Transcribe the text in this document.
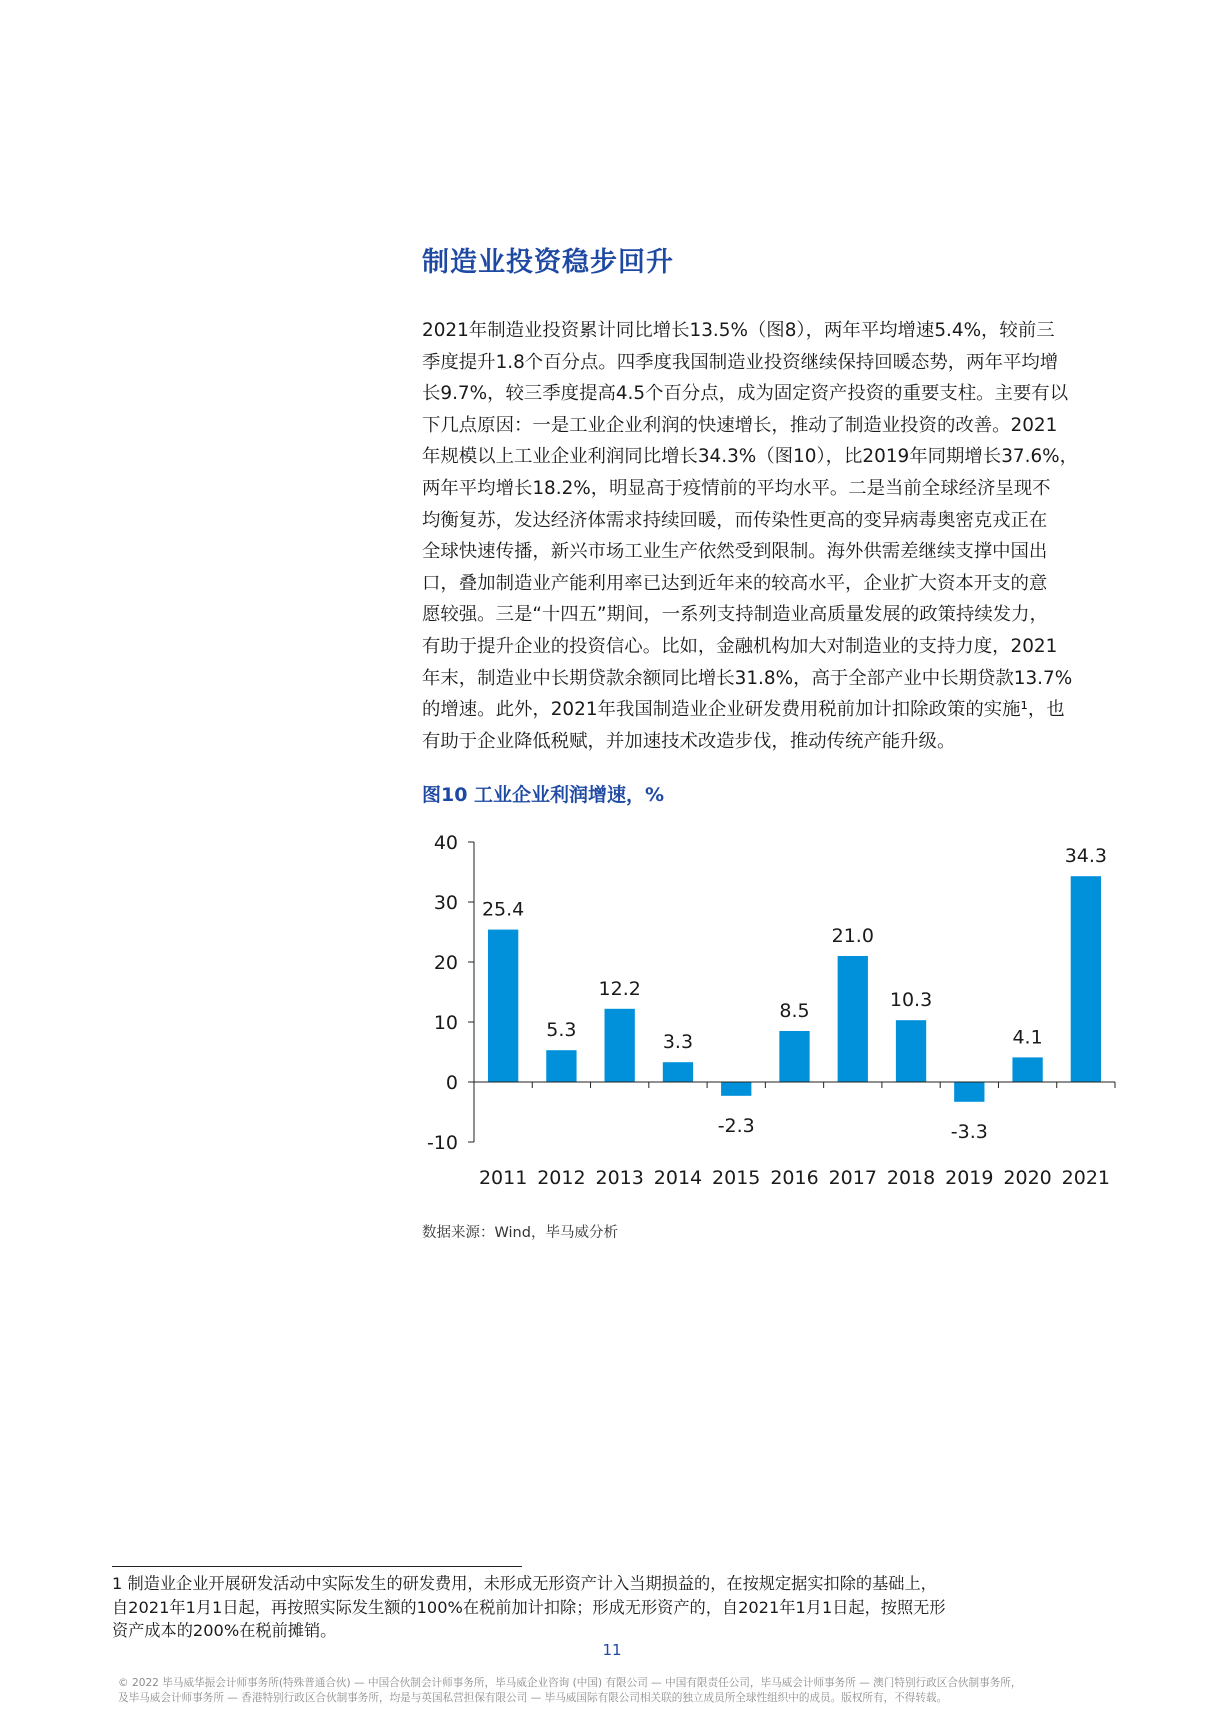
制造业投资稳步回升
2021年制造业投资累计同比增长13.5%（图8），两年平均增速5.4%，较前三
季度提升1.8个百分点。四季度我国制造业投资继续保持回暖态势，两年平均增
长9.7%，较三季度提高4.5个百分点，成为固定资产投资的重要支柱。主要有以
下几点原因：一是工业企业利润的快速增长，推动了制造业投资的改善。2021
年规模以上工业企业利润同比增长34.3%（图10），比2019年同期增长37.6%，
两年平均增长18.2%，明显高于疫情前的平均水平。二是当前全球经济呈现不
均衡复苏，发达经济体需求持续回暖，而传染性更高的变异病毒奥密克戎正在
全球快速传播，新兴市场工业生产依然受到限制。海外供需差继续支撑中国出
口，叠加制造业产能利用率已达到近年来的较高水平，企业扩大资本开支的意
愿较强。三是“十四五”期间，一系列支持制造业高质量发展的政策持续发力，
有助于提升企业的投资信心。比如，金融机构加大对制造业的支持力度，2021
年末，制造业中长期贷款余额同比增长31.8%，高于全部产业中长期贷款13.7%
的增速。此外，2021年我国制造业企业研发费用税前加计扣除政策的实施¹，也
有助于企业降低税赋，并加速技术改造步伐，推动传统产能升级。
图10 工业企业利润增速，%
40
30
20
10
0
-10
25.4
2011
5.3
2012
12.2
2013
3.3
2014
-2.3
2015
8.5
2016
21.0
2017
10.3
2018
-3.3
2019
4.1
2020
34.3
2021
数据来源：Wind，毕马威分析
1 制造业企业开展研发活动中实际发生的研发费用，未形成无形资产计入当期损益的，在按规定据实扣除的基础上，
自2021年1月1日起，再按照实际发生额的100%在税前加计扣除；形成无形资产的，自2021年1月1日起，按照无形
资产成本的200%在税前摊销。
11
© 2022 毕马威华振会计师事务所(特殊普通合伙) — 中国合伙制会计师事务所，毕马威企业咨询 (中国) 有限公司 — 中国有限责任公司，毕马威会计师事务所 — 澳门特别行政区合伙制事务所，
及毕马威会计师事务所 — 香港特别行政区合伙制事务所，均是与英国私营担保有限公司 — 毕马威国际有限公司相关联的独立成员所全球性组织中的成员。版权所有，不得转载。
